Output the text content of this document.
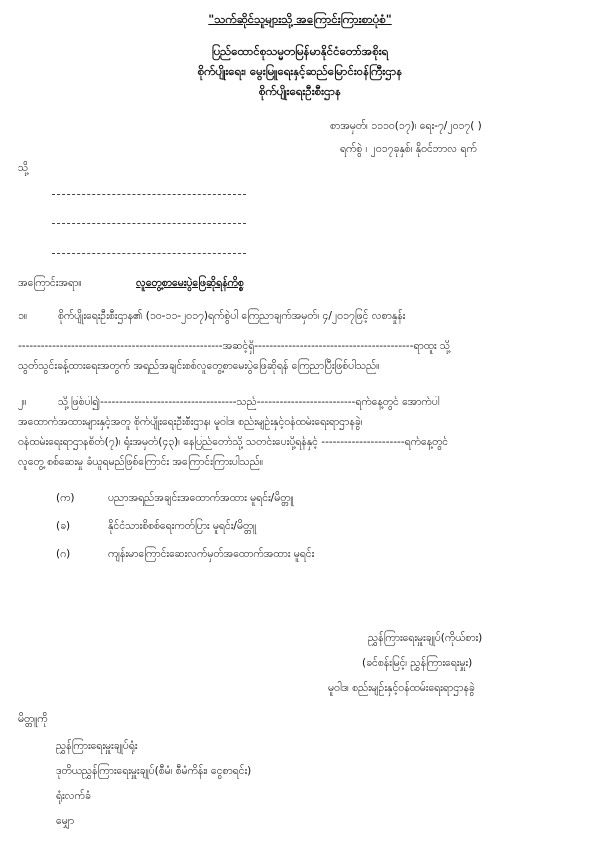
"သက်ဆိုင်သူများသို့ အကြောင်းကြားစာပုံစံ"
ပြည်ထောင်စုသမ္မတမြန်မာနိုင်ငံတော်အစိုးရ
စိုက်ပျိုးရေး၊ မွေးမြူရေးနှင့်ဆည်မြောင်းဝန်ကြီးဌာန
စိုက်ပျိုးရေးဦးစီးဌာန
စာအမှတ်၊ ၁၁၁၀(၁၇)၊ ရေး-၇/၂၀၁၇( )
ရက်စွဲ ၊ ၂၀၁၇ခုနှစ်၊ နိုဝင်ဘာလ ရက်
သို့
အကြောင်းအရာ။	လူတွေ့စာမေးပွဲဖြေဆိုရန်ကိစ္စ
၁။	စိုက်ပျိုးရေးဦးစီးဌာန၏ (၁၀-၁၁-၂၀၁၇)ရက်စွဲပါ ကြေညာချက်အမှတ်၊ ၄/၂၀၁၇ဖြင့် လစာနှုန်း
------------------------------------------------------အဆင့်ရှိ------------------------------------------ရာထူး သို့
သွတ်သွင်းခန့်ထားရေးအတွက် အရည်အချင်းစစ်လူတွေ့စာမေးပွဲဖြေဆိုရန် ကြေညာပြီးဖြစ်ပါသည်။
၂။	သို့ဖြစ်ပါ၍------------------------------------သည်--------------------------ရက်နေ့တွင် အောက်ပါ
အထောက်အထားများနှင့်အတူ စိုက်ပျိုးရေးဦးစီးဌာန၊ မူဝါဒ၊ စည်းမျဉ်းနှင့်ဝန်ထမ်းရေးရာဌာနခွဲ၊
ဝန်ထမ်းရေးရာဌာနစိတ်(၇)၊ ရုံးအမှတ်(၄၃)၊ နေပြည်တော်သို့ သတင်းပေးပို့ရန်နှင့် ----------------------ရက်နေ့တွင်
လူတွေ့ စစ်ဆေးမှု ခံယူရမည်ဖြစ်ကြောင်း အကြောင်းကြားပါသည်။
(က)	ပညာအရည်အချင်းအထောက်အထား မူရင်း/မိတ္တူ
(ခ)	နိုင်ငံသားစိစစ်ရေးကတ်ပြား မူရင်း/မိတ္တူ
(ဂ)	ကျန်းမာကြောင်းဆေးလက်မှတ်အထောက်အထား မူရင်း
ညွှန်ကြားရေးမှူးချုပ်(ကိုယ်စား)
(ခင်စန်းမြင့်၊ ညွှန်ကြားရေးမှူး)
မူဝါဒ၊ စည်းမျဉ်းနှင့်ဝန်ထမ်းရေးရာဌာနခွဲ
မိတ္တူကို
ညွှန်ကြားရေးမှူးချုပ်ရုံး
ဒုတိယညွှန်ကြားရေးမှူးချုပ်(စီမံ၊ စီမံကိန်း၊ ငွေစာရင်း)
ရုံးလက်ခံ
မျှော
